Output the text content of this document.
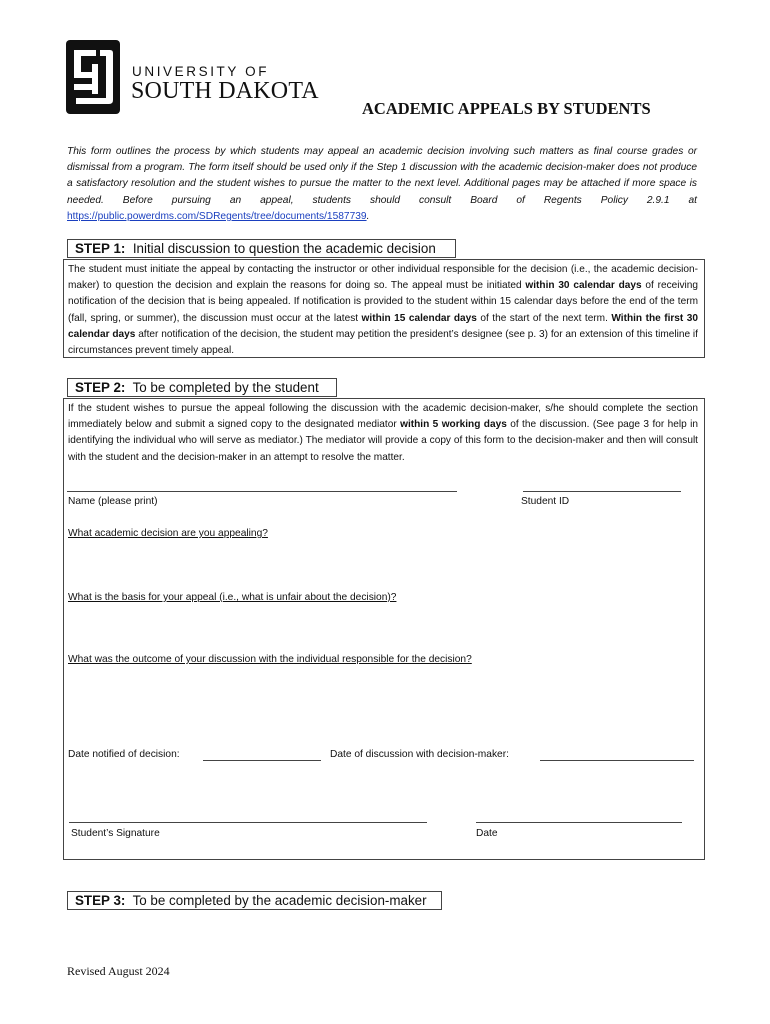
UNIVERSITY OF
SOUTH DAKOTA
ACADEMIC APPEALS BY STUDENTS
This form outlines the process by which students may appeal an academic decision involving such matters as final course grades or dismissal from a program. The form itself should be used only if the Step 1 discussion with the academic decision-maker does not produce a satisfactory resolution and the student wishes to pursue the matter to the next level. Additional pages may be attached if more space is needed. Before pursuing an appeal, students should consult Board of Regents Policy 2.9.1 at https://public.powerdms.com/SDRegents/tree/documents/1587739.
STEP 1: Initial discussion to question the academic decision
The student must initiate the appeal by contacting the instructor or other individual responsible for the decision (i.e., the academic decision-maker) to question the decision and explain the reasons for doing so. The appeal must be initiated within 30 calendar days of receiving notification of the decision that is being appealed. If notification is provided to the student within 15 calendar days before the end of the term (fall, spring, or summer), the discussion must occur at the latest within 15 calendar days of the start of the next term. Within the first 30 calendar days after notification of the decision, the student may petition the president’s designee (see p. 3) for an extension of this timeline if circumstances prevent timely appeal.
STEP 2: To be completed by the student
If the student wishes to pursue the appeal following the discussion with the academic decision-maker, s/he should complete the section immediately below and submit a signed copy to the designated mediator within 5 working days of the discussion. (See page 3 for help in identifying the individual who will serve as mediator.) The mediator will provide a copy of this form to the decision-maker and then will consult with the student and the decision-maker in an attempt to resolve the matter.
Name (please print)	Student ID
What academic decision are you appealing?
What is the basis for your appeal (i.e., what is unfair about the decision)?
What was the outcome of your discussion with the individual responsible for the decision?
Date notified of decision:	Date of discussion with decision-maker:
Student’s Signature	Date
STEP 3: To be completed by the academic decision-maker
Revised August 2024
